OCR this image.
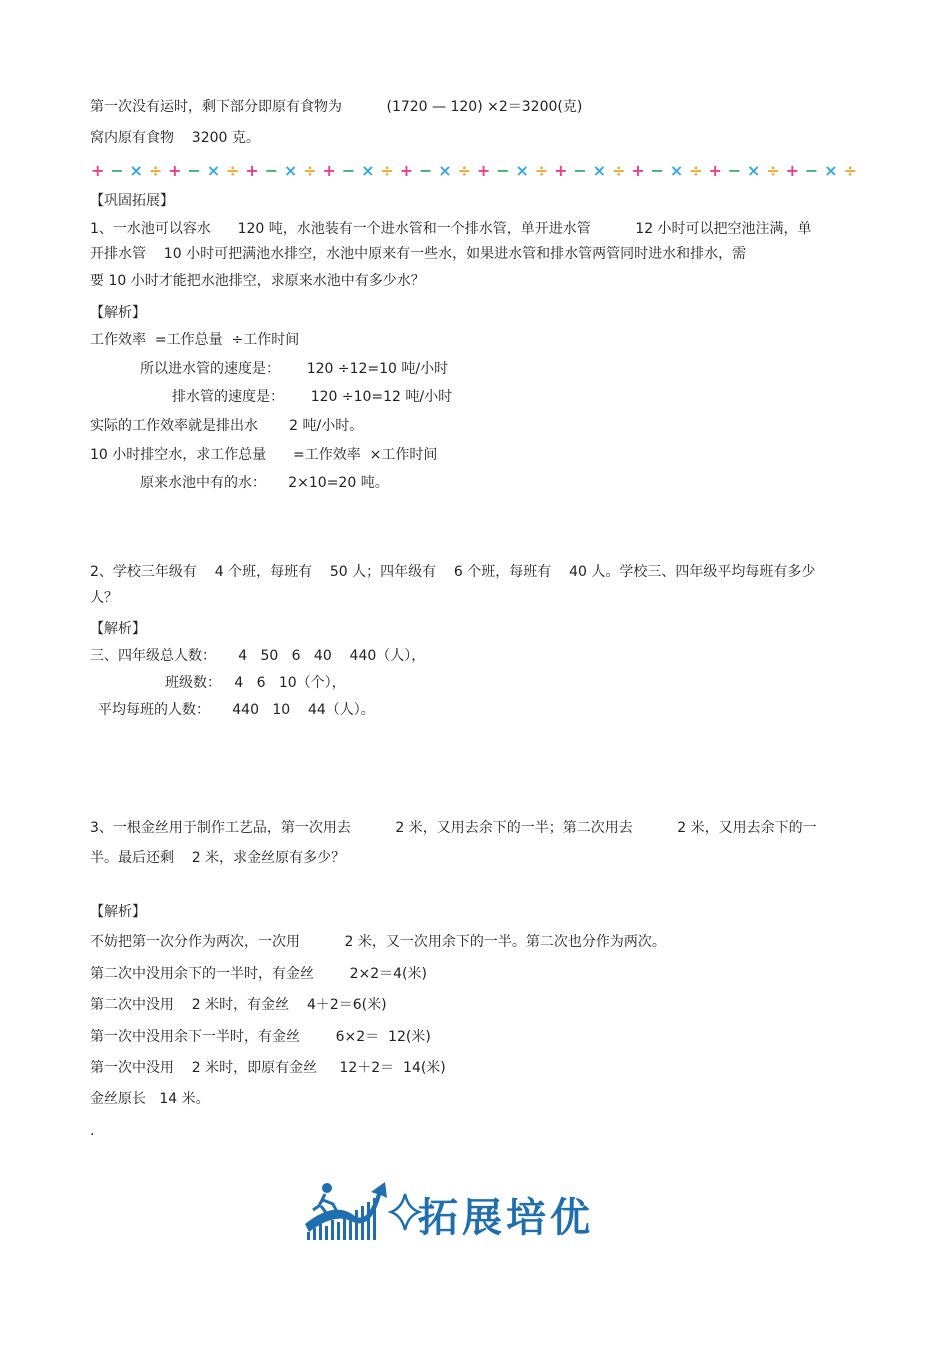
第一次没有运时，剩下部分即原有食物为          (1720 — 120) ×2＝3200(克)
窝内原有食物    3200 克。
【巩固拓展】
1、一水池可以容水      120 吨，水池装有一个进水管和一个排水管，单开进水管          12 小时可以把空池注满，单
开排水管    10 小时可把满池水排空，水池中原来有一些水，如果进水管和排水管两管同时进水和排水，需
要 10 小时才能把水池排空，求原来水池中有多少水？
【解析】
工作效率  =工作总量  ÷工作时间
所以进水管的速度是：      120 ÷12=10 吨/小时
排水管的速度是：      120 ÷10=12 吨/小时
实际的工作效率就是排出水       2 吨/小时。
10 小时排空水，求工作总量      =工作效率  ×工作时间
原来水池中有的水：     2×10=20 吨。
2、学校三年级有    4 个班，每班有    50 人；四年级有    6 个班，每班有    40 人。学校三、四年级平均每班有多少
人？
【解析】
三、四年级总人数：     4   50   6   40    440（人），
班级数：   4   6   10（个），
平均每班的人数：     440   10    44（人）。
3、一根金丝用于制作工艺品，第一次用去          2 米，又用去余下的一半；第二次用去          2 米，又用去余下的一
半。最后还剩    2 米，求金丝原有多少？
【解析】
不妨把第一次分作为两次，一次用          2 米，又一次用余下的一半。第二次也分作为两次。
第二次中没用余下的一半时，有金丝        2×2＝4(米)
第二次中没用    2 米时，有金丝    4＋2＝6(米)
第一次中没用余下一半时，有金丝        6×2＝  12(米)
第一次中没用    2 米时，即原有金丝     12＋2＝  14(米)
金丝原长   14 米。
.
+ − × ÷ + − × ÷ + − × ÷ + − × ÷ + − × ÷ + − × ÷ + − × ÷ + − × ÷ + − × ÷ + − × ÷
拓展培优
